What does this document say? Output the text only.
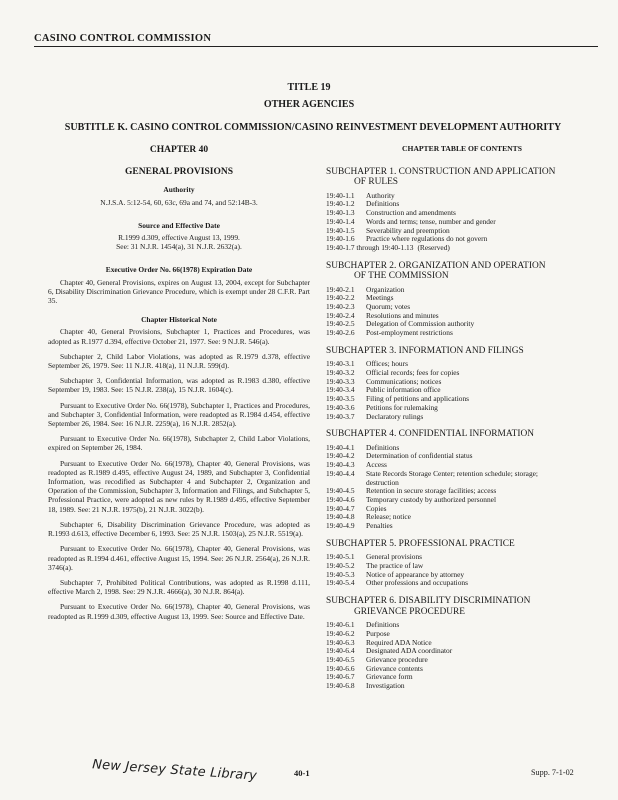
CASINO CONTROL COMMISSION
TITLE 19
OTHER AGENCIES
SUBTITLE K. CASINO CONTROL COMMISSION/CASINO REINVESTMENT DEVELOPMENT AUTHORITY
CHAPTER 40
GENERAL PROVISIONS
Authority
N.J.S.A. 5:12-54, 60, 63c, 69a and 74, and 52:14B-3.
Source and Effective Date
R.1999 d.309, effective August 13, 1999.
See: 31 N.J.R. 1454(a), 31 N.J.R. 2632(a).
Executive Order No. 66(1978) Expiration Date
Chapter 40, General Provisions, expires on August 13, 2004, except for Subchapter 6, Disability Discrimination Grievance Procedure, which is exempt under 28 C.F.R. Part 35.
Chapter Historical Note
Chapter 40, General Provisions, Subchapter 1, Practices and Procedures, was adopted as R.1977 d.394, effective October 21, 1977. See: 9 N.J.R. 546(a).
Subchapter 2, Child Labor Violations, was adopted as R.1979 d.378, effective September 26, 1979. See: 11 N.J.R. 418(a), 11 N.J.R. 599(d).
Subchapter 3, Confidential Information, was adopted as R.1983 d.380, effective September 19, 1983. See: 15 N.J.R. 238(a), 15 N.J.R. 1604(c).
Pursuant to Executive Order No. 66(1978), Subchapter 1, Practices and Procedures, and Subchapter 3, Confidential Information, were readopted as R.1984 d.454, effective September 26, 1984. See: 16 N.J.R. 2259(a), 16 N.J.R. 2852(a).
Pursuant to Executive Order No. 66(1978), Subchapter 2, Child Labor Violations, expired on September 26, 1984.
Pursuant to Executive Order No. 66(1978), Chapter 40, General Provisions, was readopted as R.1989 d.495, effective August 24, 1989, and Subchapter 3, Confidential Information, was recodified as Subchapter 4 and Subchapter 2, Organization and Operation of the Commission, Subchapter 3, Information and Filings, and Subchapter 5, Professional Practice, were adopted as new rules by R.1989 d.495, effective September 18, 1989. See: 21 N.J.R. 1975(b), 21 N.J.R. 3022(b).
Subchapter 6, Disability Discrimination Grievance Procedure, was adopted as R.1993 d.613, effective December 6, 1993. See: 25 N.J.R. 1503(a), 25 N.J.R. 5519(a).
Pursuant to Executive Order No. 66(1978), Chapter 40, General Provisions, was readopted as R.1994 d.461, effective August 15, 1994. See: 26 N.J.R. 2564(a), 26 N.J.R. 3746(a).
Subchapter 7, Prohibited Political Contributions, was adopted as R.1998 d.111, effective March 2, 1998. See: 29 N.J.R. 4666(a), 30 N.J.R. 864(a).
Pursuant to Executive Order No. 66(1978), Chapter 40, General Provisions, was readopted as R.1999 d.309, effective August 13, 1999. See: Source and Effective Date.
CHAPTER TABLE OF CONTENTS
SUBCHAPTER 1. CONSTRUCTION AND APPLICATION
OF RULES
19:40-1.1	Authority
19:40-1.2	Definitions
19:40-1.3	Construction and amendments
19:40-1.4	Words and terms; tense, number and gender
19:40-1.5	Severability and preemption
19:40-1.6	Practice where regulations do not govern
19:40-1.7 through 19:40-1.13 (Reserved)
SUBCHAPTER 2. ORGANIZATION AND OPERATION
OF THE COMMISSION
19:40-2.1	Organization
19:40-2.2	Meetings
19:40-2.3	Quorum; votes
19:40-2.4	Resolutions and minutes
19:40-2.5	Delegation of Commission authority
19:40-2.6	Post-employment restrictions
SUBCHAPTER 3. INFORMATION AND FILINGS
19:40-3.1	Offices; hours
19:40-3.2	Official records; fees for copies
19:40-3.3	Communications; notices
19:40-3.4	Public information office
19:40-3.5	Filing of petitions and applications
19:40-3.6	Petitions for rulemaking
19:40-3.7	Declaratory rulings
SUBCHAPTER 4. CONFIDENTIAL INFORMATION
19:40-4.1	Definitions
19:40-4.2	Determination of confidential status
19:40-4.3	Access
19:40-4.4	State Records Storage Center; retention schedule; storage;
destruction
19:40-4.5	Retention in secure storage facilities; access
19:40-4.6	Temporary custody by authorized personnel
19:40-4.7	Copies
19:40-4.8	Release; notice
19:40-4.9	Penalties
SUBCHAPTER 5. PROFESSIONAL PRACTICE
19:40-5.1	General provisions
19:40-5.2	The practice of law
19:40-5.3	Notice of appearance by attorney
19:40-5.4	Other professions and occupations
SUBCHAPTER 6. DISABILITY DISCRIMINATION
GRIEVANCE PROCEDURE
19:40-6.1	Definitions
19:40-6.2	Purpose
19:40-6.3	Required ADA Notice
19:40-6.4	Designated ADA coordinator
19:40-6.5	Grievance procedure
19:40-6.6	Grievance contents
19:40-6.7	Grievance form
19:40-6.8	Investigation
New Jersey State Library	40-1	Supp. 7-1-02
